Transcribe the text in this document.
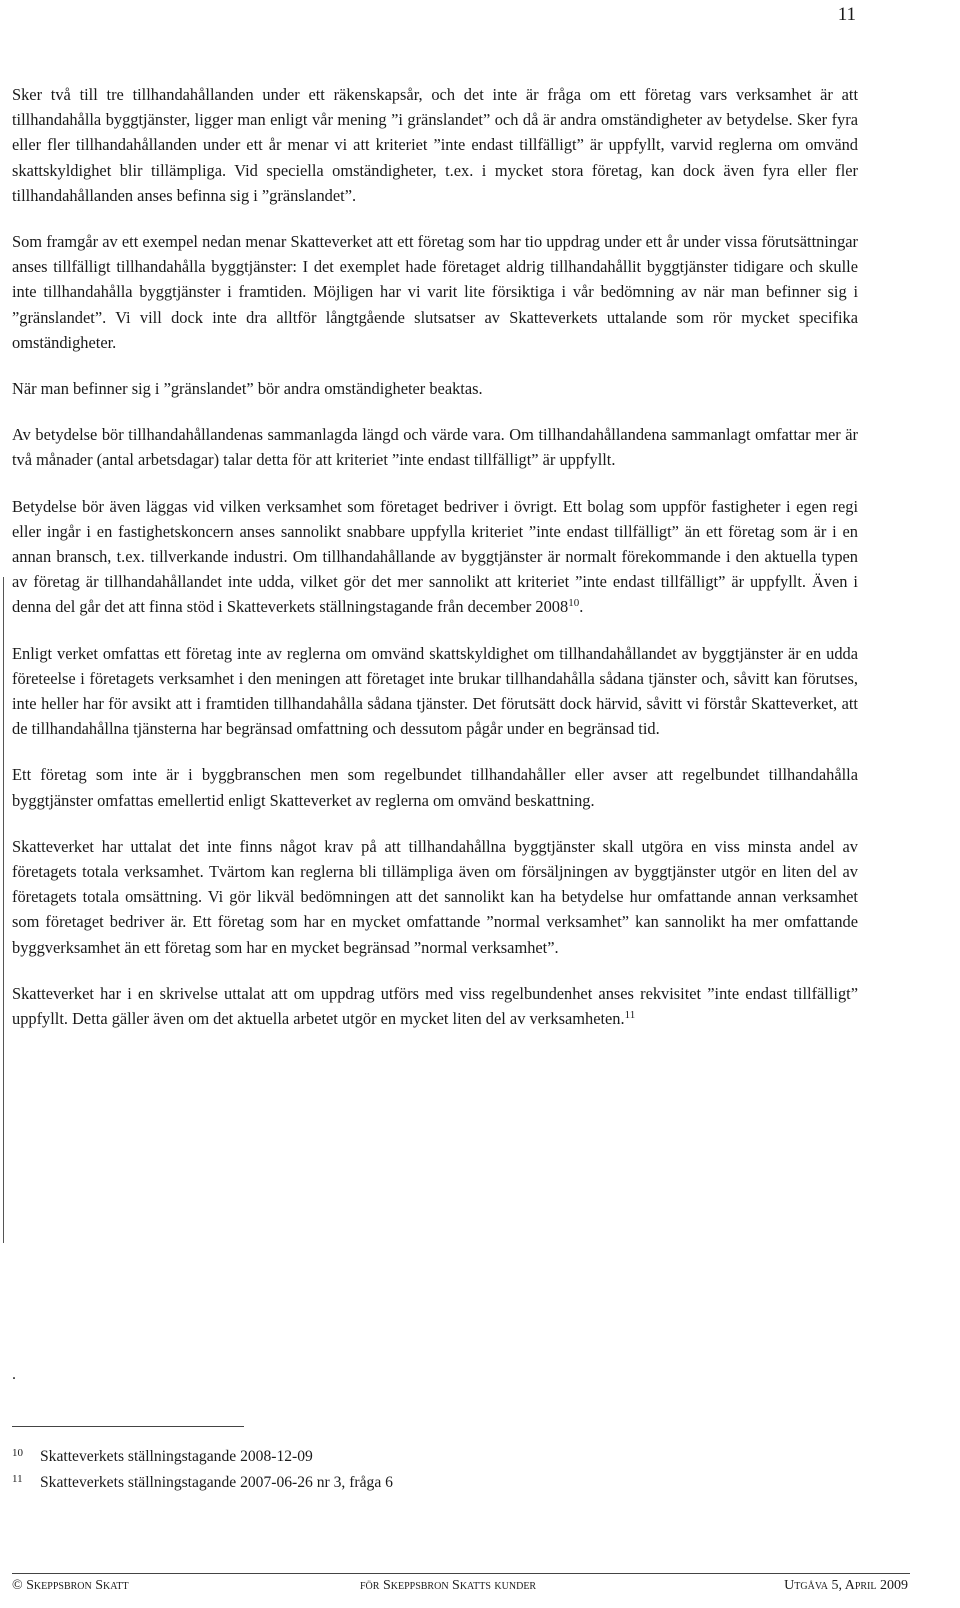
11

Sker två till tre tillhandahållanden under ett räkenskapsår, och det inte är fråga om ett företag vars verksamhet är att tillhandahålla byggtjänster, ligger man enligt vår mening ”i gränslandet” och då är andra omständigheter av betydelse. Sker fyra eller fler tillhandahållanden under ett år menar vi att kriteriet ”inte endast tillfälligt” är uppfyllt, varvid reglerna om omvänd skattskyldighet blir tillämpliga. Vid speciella omständigheter, t.ex. i mycket stora företag, kan dock även fyra eller fler tillhandahållanden anses befinna sig i ”gränslandet”.

Som framgår av ett exempel nedan menar Skatteverket att ett företag som har tio uppdrag under ett år under vissa förutsättningar anses tillfälligt tillhandahålla byggtjänster: I det exemplet hade företaget aldrig tillhandahållit byggtjänster tidigare och skulle inte tillhandahålla byggtjänster i framtiden. Möjligen har vi varit lite försiktiga i vår bedömning av när man befinner sig i ”gränslandet”. Vi vill dock inte dra alltför långtgående slutsatser av Skatteverkets uttalande som rör mycket specifika omständigheter.

När man befinner sig i ”gränslandet” bör andra omständigheter beaktas.

Av betydelse bör tillhandahållandenas sammanlagda längd och värde vara. Om tillhandahållandena sammanlagt omfattar mer är två månader (antal arbetsdagar) talar detta för att kriteriet ”inte endast tillfälligt” är uppfyllt.

Betydelse bör även läggas vid vilken verksamhet som företaget bedriver i övrigt. Ett bolag som uppför fastigheter i egen regi eller ingår i en fastighetskoncern anses sannolikt snabbare uppfylla kriteriet ”inte endast tillfälligt” än ett företag som är i en annan bransch, t.ex. tillverkande industri. Om tillhandahållande av byggtjänster är normalt förekommande i den aktuella typen av företag är tillhandahållandet inte udda, vilket gör det mer sannolikt att kriteriet ”inte endast tillfälligt” är uppfyllt. Även i denna del går det att finna stöd i Skatteverkets ställningstagande från december 2008$^{10}$.

Enligt verket omfattas ett företag inte av reglerna om omvänd skattskyldighet om tillhandahållandet av byggtjänster är en udda företeelse i företagets verksamhet i den meningen att företaget inte brukar tillhandahålla sådana tjänster och, såvitt kan förutses, inte heller har för avsikt att i framtiden tillhandahålla sådana tjänster. Det förutsätt dock härvid, såvitt vi förstår Skatteverket, att de tillhandahållna tjänsterna har begränsad omfattning och dessutom pågår under en begränsad tid.

Ett företag som inte är i byggbranschen men som regelbundet tillhandahåller eller avser att regelbundet tillhandahålla byggtjänster omfattas emellertid enligt Skatteverket av reglerna om omvänd beskattning.

Skatteverket har uttalat det inte finns något krav på att tillhandahållna byggtjänster skall utgöra en viss minsta andel av företagets totala verksamhet. Tvärtom kan reglerna bli tillämpliga även om försäljningen av byggtjänster utgör en liten del av företagets totala omsättning. Vi gör likväl bedömningen att det sannolikt kan ha betydelse hur omfattande annan verksamhet som företaget bedriver är. Ett företag som har en mycket omfattande ”normal verksamhet” kan sannolikt ha mer omfattande byggverksamhet än ett företag som har en mycket begränsad ”normal verksamhet”.

Skatteverket har i en skrivelse uttalat att om uppdrag utförs med viss regelbundenhet anses rekvisitet ”inte endast tillfälligt” uppfyllt. Detta gäller även om det aktuella arbetet utgör en mycket liten del av verksamheten.$^{11}$

.
10 Skatteverkets ställningstagande 2008-12-09
11 Skatteverkets ställningstagande 2007-06-26 nr 3, fråga 6
© Skeppsbron Skatt	för Skeppsbron Skatts kunder	Utgåva 5, April 2009
